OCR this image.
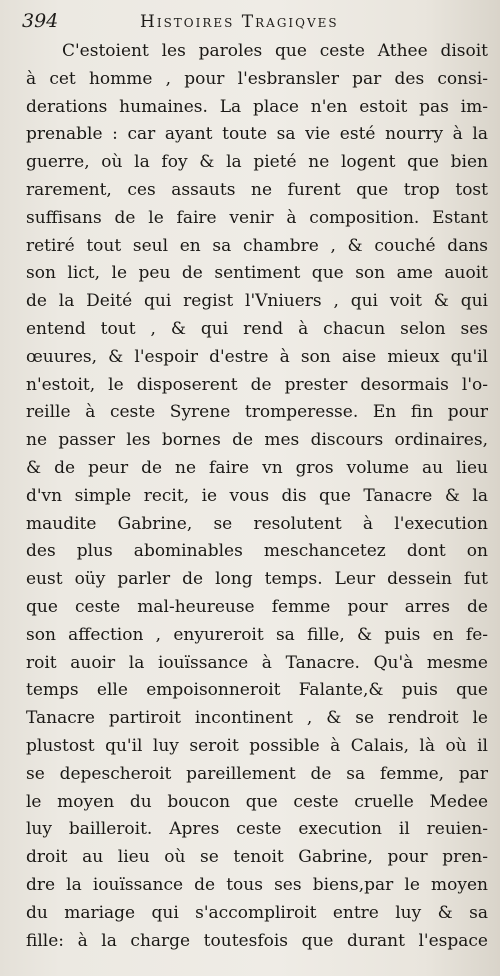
394	Histoires Tragiqves
C'estoient les paroles que ceste Athee disoit
à cet homme , pour l'esbransler par des consi-
derations humaines. La place n'en estoit pas im-
prenable : car ayant toute sa vie esté nourry à la
guerre, où la foy & la pieté ne logent que bien
rarement, ces assauts ne furent que trop tost
suffisans de le faire venir à composition. Estant
retiré tout seul en sa chambre , & couché dans
son lict, le peu de sentiment que son ame auoit
de la Deité qui regist l'Vniuers , qui voit & qui
entend tout , & qui rend à chacun selon ses
œuures, & l'espoir d'estre à son aise mieux qu'il
n'estoit, le disposerent de prester desormais l'o-
reille à ceste Syrene tromperesse. En fin pour
ne passer les bornes de mes discours ordinaires,
& de peur de ne faire vn gros volume au lieu
d'vn simple recit, ie vous dis que Tanacre & la
maudite Gabrine, se resolutent à l'execution
des plus abominables meschancetez dont on
eust oüy parler de long temps. Leur dessein fut
que ceste mal-heureuse femme pour arres de
son affection , enyureroit sa fille, & puis en fe-
roit auoir la iouïssance à Tanacre. Qu'à mesme
temps elle empoisonneroit Falante,& puis que
Tanacre partiroit incontinent , & se rendroit le
plustost qu'il luy seroit possible à Calais, là où il
se depescheroit pareillement de sa femme, par
le moyen du boucon que ceste cruelle Medee
luy bailleroit. Apres ceste execution il reuien-
droit au lieu où se tenoit Gabrine, pour pren-
dre la iouïssance de tous ses biens,par le moyen
du mariage qui s'accompliroit entre luy & sa
fille: à la charge toutesfois que durant l'espace
